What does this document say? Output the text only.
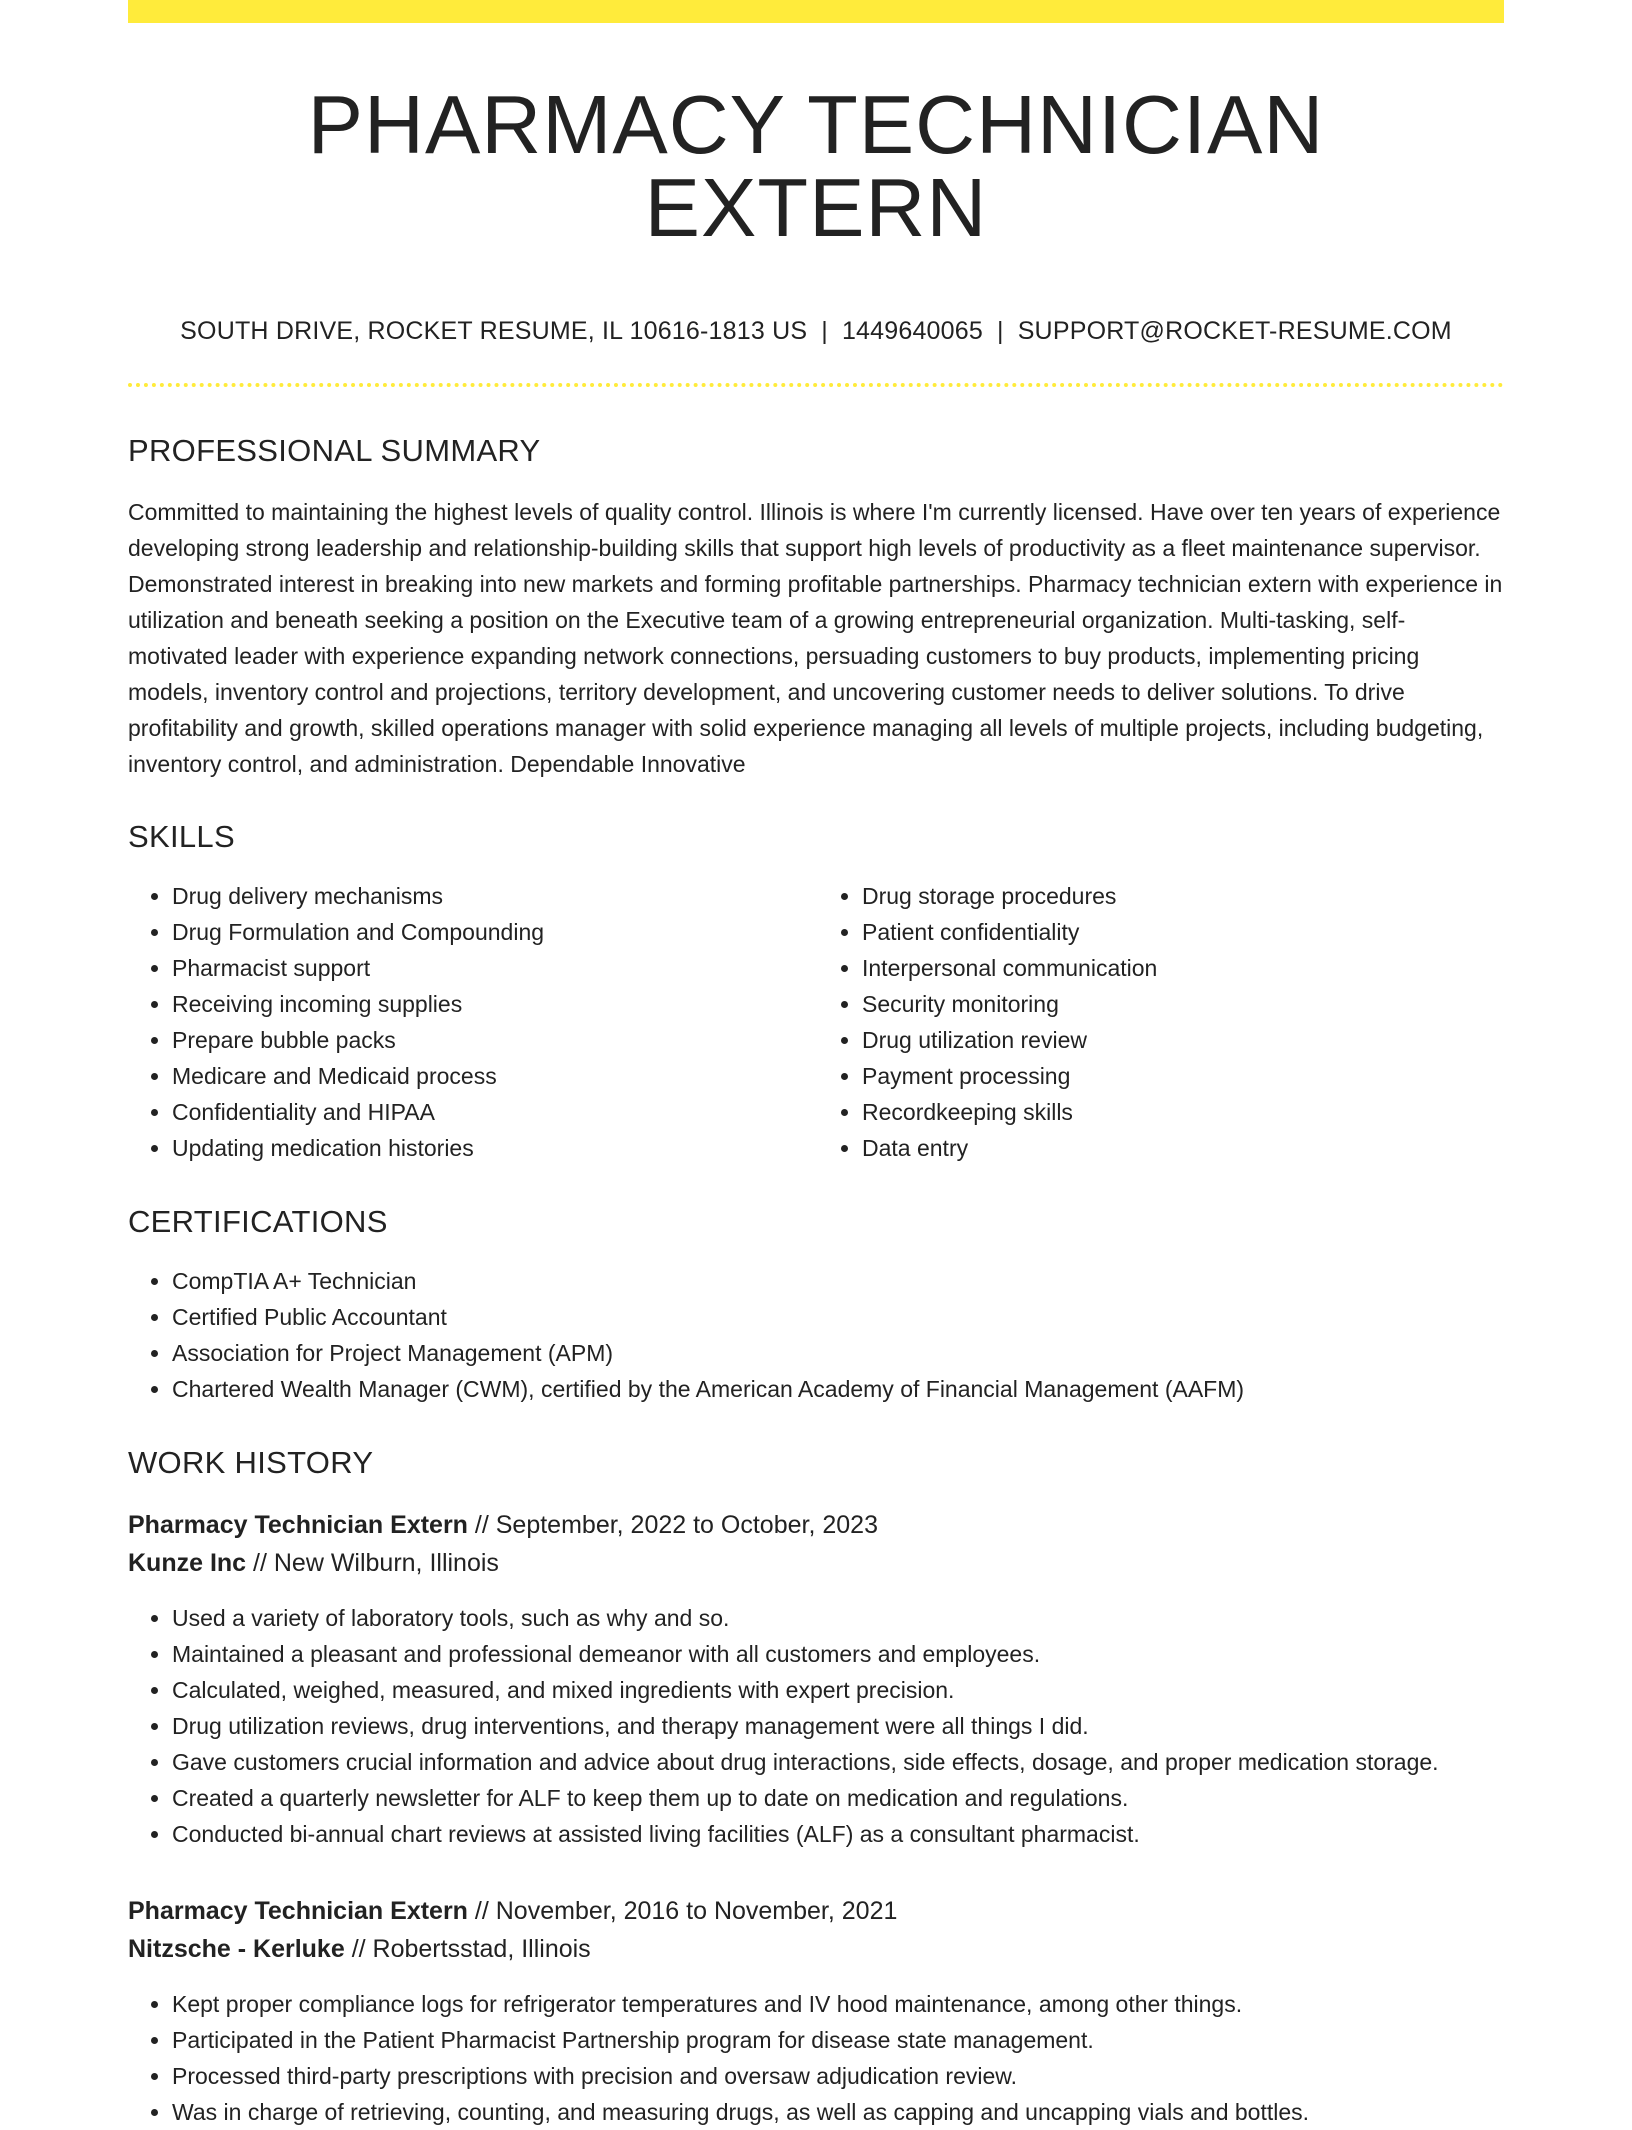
PHARMACY TECHNICIAN EXTERN
SOUTH DRIVE, ROCKET RESUME, IL 10616-1813 US | 1449640065 | SUPPORT@ROCKET-RESUME.COM
PROFESSIONAL SUMMARY

Committed to maintaining the highest levels of quality control. Illinois is where I'm currently licensed. Have over ten years of experience developing strong leadership and relationship-building skills that support high levels of productivity as a fleet maintenance supervisor. Demonstrated interest in breaking into new markets and forming profitable partnerships. Pharmacy technician extern with experience in utilization and beneath seeking a position on the Executive team of a growing entrepreneurial organization. Multi-tasking, self-motivated leader with experience expanding network connections, persuading customers to buy products, implementing pricing models, inventory control and projections, territory development, and uncovering customer needs to deliver solutions. To drive profitability and growth, skilled operations manager with solid experience managing all levels of multiple projects, including budgeting, inventory control, and administration. Dependable Innovative

SKILLS
• Drug delivery mechanisms
• Drug Formulation and Compounding
• Pharmacist support
• Receiving incoming supplies
• Prepare bubble packs
• Medicare and Medicaid process
• Confidentiality and HIPAA
• Updating medication histories
• Drug storage procedures
• Patient confidentiality
• Interpersonal communication
• Security monitoring
• Drug utilization review
• Payment processing
• Recordkeeping skills
• Data entry
CERTIFICATIONS
• CompTIA A+ Technician
• Certified Public Accountant
• Association for Project Management (APM)
• Chartered Wealth Manager (CWM), certified by the American Academy of Financial Management (AAFM)
WORK HISTORY
Pharmacy Technician Extern // September, 2022 to October, 2023
Kunze Inc // New Wilburn, Illinois
• Used a variety of laboratory tools, such as why and so.
• Maintained a pleasant and professional demeanor with all customers and employees.
• Calculated, weighed, measured, and mixed ingredients with expert precision.
• Drug utilization reviews, drug interventions, and therapy management were all things I did.
• Gave customers crucial information and advice about drug interactions, side effects, dosage, and proper medication storage.
• Created a quarterly newsletter for ALF to keep them up to date on medication and regulations.
• Conducted bi-annual chart reviews at assisted living facilities (ALF) as a consultant pharmacist.
Pharmacy Technician Extern // November, 2016 to November, 2021
Nitzsche - Kerluke // Robertsstad, Illinois
• Kept proper compliance logs for refrigerator temperatures and IV hood maintenance, among other things.
• Participated in the Patient Pharmacist Partnership program for disease state management.
• Processed third-party prescriptions with precision and oversaw adjudication review.
• Was in charge of retrieving, counting, and measuring drugs, as well as capping and uncapping vials and bottles.
